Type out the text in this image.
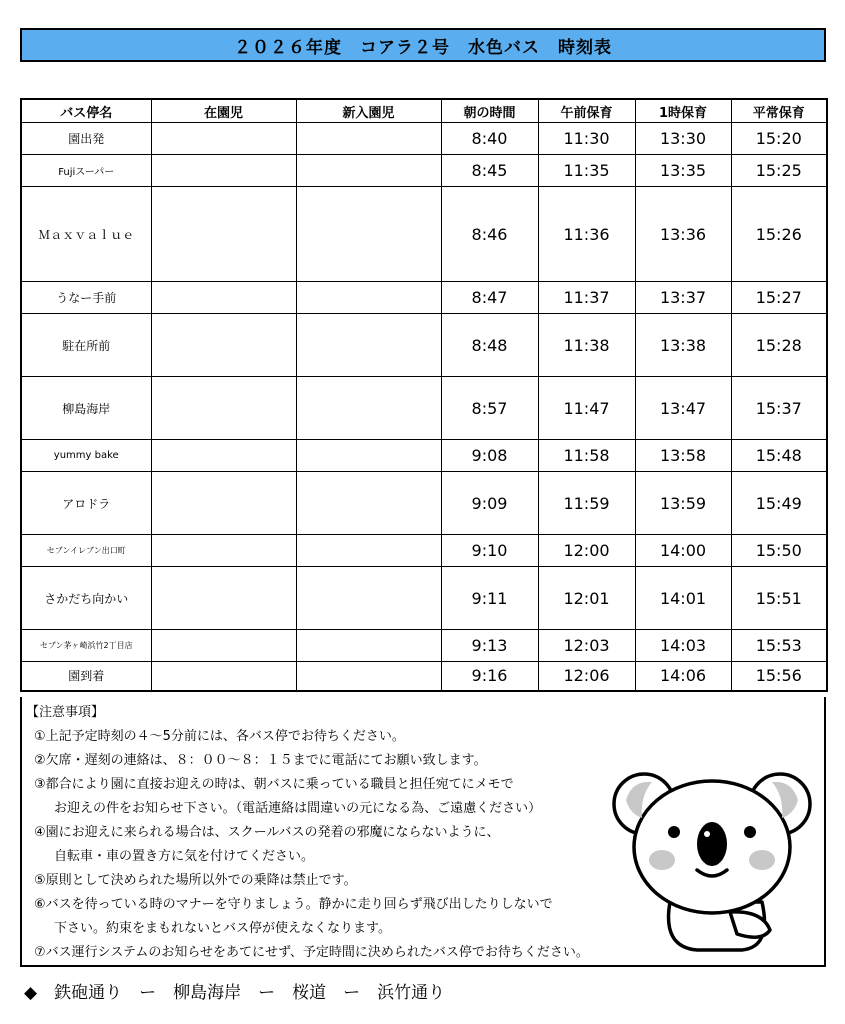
２０２６年度　コアラ２号　水色バス　時刻表
バス停名	在園児	新入園児	朝の時間	午前保育	1時保育	平常保育
園出発			8:40	11:30	13:30	15:20
Fujiスーパー			8:45	11:35	13:35	15:25
Ｍａｘｖａｌｕｅ			8:46	11:36	13:36	15:26
うなー手前			8:47	11:37	13:37	15:27
駐在所前			8:48	11:38	13:38	15:28
柳島海岸			8:57	11:47	13:47	15:37
yummy bake			9:08	11:58	13:58	15:48
アロドラ			9:09	11:59	13:59	15:49
セブンイレブン出口町			9:10	12:00	14:00	15:50
さかだち向かい			9:11	12:01	14:01	15:51
セブン茅ヶ崎浜竹2丁目店			9:13	12:03	14:03	15:53
園到着			9:16	12:06	14:06	15:56
【注意事項】
①上記予定時刻の４～5分前には、各バス停でお待ちください。
②欠席・遅刻の連絡は、８：００～８：１５までに電話にてお願い致します。
③都合により園に直接お迎えの時は、朝バスに乗っている職員と担任宛てにメモで
お迎えの件をお知らせ下さい。（電話連絡は間違いの元になる為、ご遠慮ください）
④園にお迎えに来られる場合は、スクールバスの発着の邪魔にならないように、
自転車・車の置き方に気を付けてください。
⑤原則として決められた場所以外での乗降は禁止です。
⑥バスを待っている時のマナーを守りましょう。静かに走り回らず飛び出したりしないで
下さい。約束をまもれないとバス停が使えなくなります。
⑦バス運行システムのお知らせをあてにせず、予定時間に決められたバス停でお待ちください。
◆　鉄砲通り　ー　柳島海岸　ー　桜道　ー　浜竹通り
